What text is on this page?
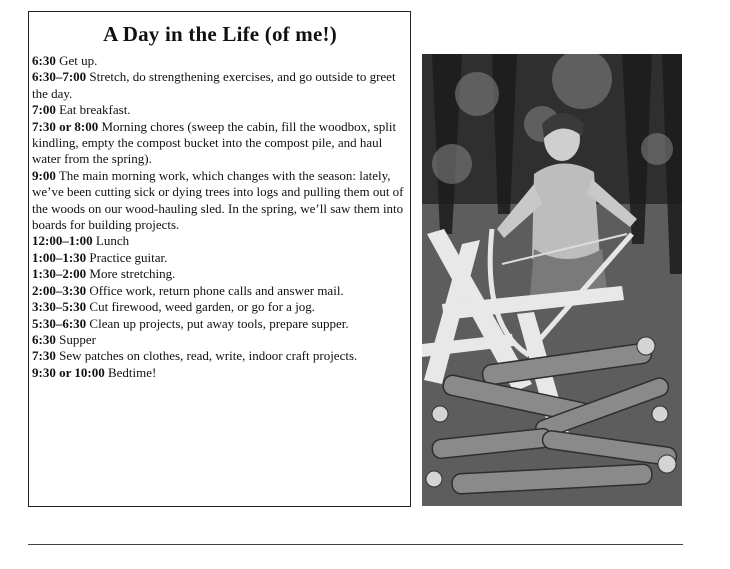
A Day in the Life (of me!)

6:30 Get up.

6:30–7:00 Stretch, do strengthening exercises, and go outside to greet the day.

7:00 Eat breakfast.

7:30 or 8:00 Morning chores (sweep the cabin, fill the woodbox, split kindling, empty the compost bucket into the compost pile, and haul water from the spring).

9:00 The main morning work, which changes with the season: lately, we’ve been cutting sick or dying trees into logs and pulling them out of the woods on our wood-hauling sled. In the spring, we’ll saw them into boards for building projects.

12:00–1:00 Lunch

1:00–1:30 Practice guitar.

1:30–2:00 More stretching.

2:00–3:30 Office work, return phone calls and answer mail.

3:30–5:30 Cut firewood, weed garden, or go for a jog.

5:30–6:30 Clean up projects, put away tools, prepare supper.

6:30 Supper

7:30 Sew patches on clothes, read, write, indoor craft projects.

9:30 or 10:00 Bedtime!
